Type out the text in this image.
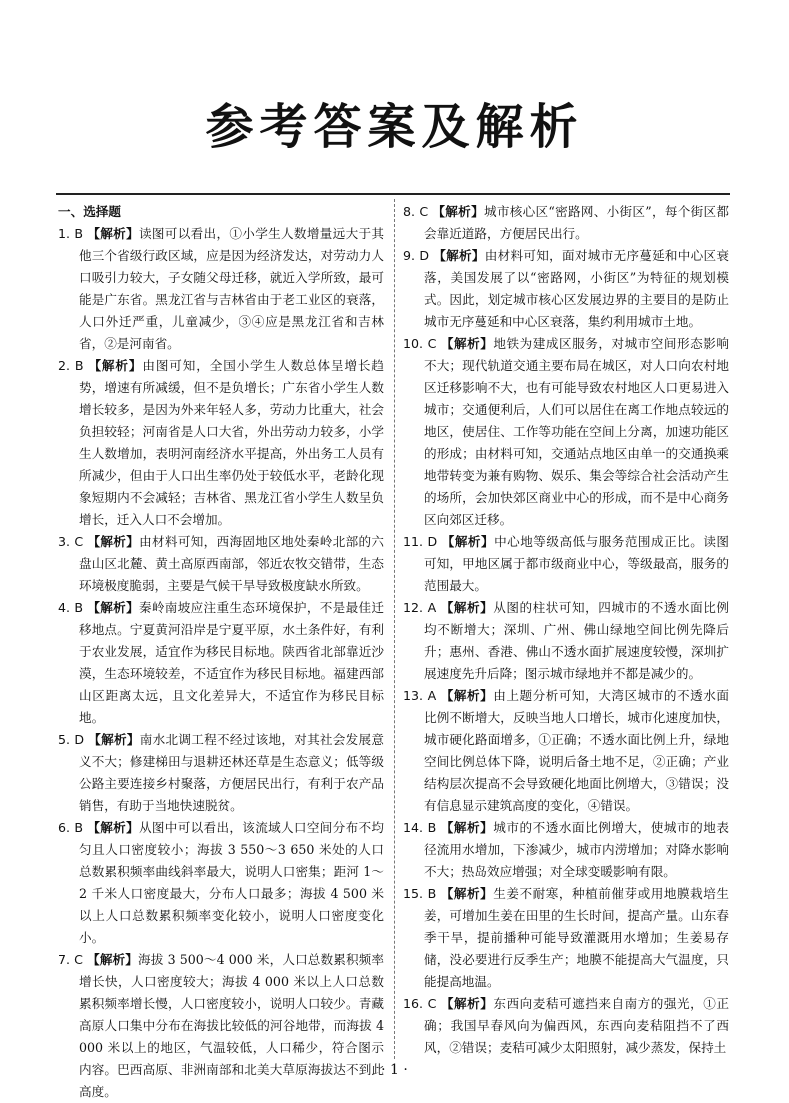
参考答案及解析
一、选择题
1. B 【解析】读图可以看出，①小学生人数增量远大于其他三个省级行政区域，应是因为经济发达，对劳动力人口吸引力较大，子女随父母迁移，就近入学所致，最可能是广东省。黑龙江省与吉林省由于老工业区的衰落，人口外迁严重，儿童减少，③④应是黑龙江省和吉林省，②是河南省。
2. B 【解析】由图可知，全国小学生人数总体呈增长趋势，增速有所减缓，但不是负增长；广东省小学生人数增长较多，是因为外来年轻人多，劳动力比重大，社会负担较轻；河南省是人口大省，外出劳动力较多，小学生人数增加，表明河南经济水平提高，外出务工人员有所减少，但由于人口出生率仍处于较低水平，老龄化现象短期内不会减轻；吉林省、黑龙江省小学生人数呈负增长，迁入人口不会增加。
3. C 【解析】由材料可知，西海固地区地处秦岭北部的六盘山区北麓、黄土高原西南部，邻近农牧交错带，生态环境极度脆弱，主要是气候干旱导致极度缺水所致。
4. B 【解析】秦岭南坡应注重生态环境保护，不是最佳迁移地点。宁夏黄河沿岸是宁夏平原，水土条件好，有利于农业发展，适宜作为移民目标地。陕西省北部靠近沙漠，生态环境较差，不适宜作为移民目标地。福建西部山区距离太远，且文化差异大，不适宜作为移民目标地。
5. D 【解析】南水北调工程不经过该地，对其社会发展意义不大；修建梯田与退耕还林还草是生态意义；低等级公路主要连接乡村聚落，方便居民出行，有利于农产品销售，有助于当地快速脱贫。
6. B 【解析】从图中可以看出，该流域人口空间分布不均匀且人口密度较小；海拔 3 550～3 650 米处的人口总数累积频率曲线斜率最大，说明人口密集；距河 1～2 千米人口密度最大，分布人口最多；海拔 4 500 米以上人口总数累积频率变化较小，说明人口密度变化小。
7. C 【解析】海拔 3 500～4 000 米，人口总数累积频率增长快，人口密度较大；海拔 4 000 米以上人口总数累积频率增长慢，人口密度较小，说明人口较少。青藏高原人口集中分布在海拔比较低的河谷地带，而海拔 4 000 米以上的地区，气温较低，人口稀少，符合图示内容。巴西高原、非洲南部和北美大草原海拔达不到此高度。
8. C 【解析】城市核心区“密路网、小街区”，每个街区都会靠近道路，方便居民出行。
9. D 【解析】由材料可知，面对城市无序蔓延和中心区衰落，美国发展了以“密路网，小街区”为特征的规划模式。因此，划定城市核心区发展边界的主要目的是防止城市无序蔓延和中心区衰落，集约利用城市土地。
10. C 【解析】地铁为建成区服务，对城市空间形态影响不大；现代轨道交通主要布局在城区，对人口向农村地区迁移影响不大，也有可能导致农村地区人口更易进入城市；交通便利后，人们可以居住在离工作地点较远的地区，使居住、工作等功能在空间上分离，加速功能区的形成；由材料可知，交通站点地区由单一的交通换乘地带转变为兼有购物、娱乐、集会等综合社会活动产生的场所，会加快郊区商业中心的形成，而不是中心商务区向郊区迁移。
11. D 【解析】中心地等级高低与服务范围成正比。读图可知，甲地区属于都市级商业中心，等级最高，服务的范围最大。
12. A 【解析】从图的柱状可知，四城市的不透水面比例均不断增大；深圳、广州、佛山绿地空间比例先降后升；惠州、香港、佛山不透水面扩展速度较慢，深圳扩展速度先升后降；图示城市绿地并不都是减少的。
13. A 【解析】由上题分析可知，大湾区城市的不透水面比例不断增大，反映当地人口增长，城市化速度加快，城市硬化路面增多，①正确；不透水面比例上升，绿地空间比例总体下降，说明后备土地不足，②正确；产业结构层次提高不会导致硬化地面比例增大，③错误；没有信息显示建筑高度的变化，④错误。
14. B 【解析】城市的不透水面比例增大，使城市的地表径流用水增加，下渗减少，城市内涝增加；对降水影响不大；热岛效应增强；对全球变暖影响有限。
15. B 【解析】生姜不耐寒，种植前催芽或用地膜栽培生姜，可增加生姜在田里的生长时间，提高产量。山东春季干旱，提前播种可能导致灌溉用水增加；生姜易存储，没必要进行反季生产；地膜不能提高大气温度，只能提高地温。
16. C 【解析】东西向麦秸可遮挡来自南方的强光，①正确；我国早春风向为偏西风，东西向麦秸阻挡不了西风，②错误；麦秸可减少太阳照射，减少蒸发，保持土
· 1 ·
